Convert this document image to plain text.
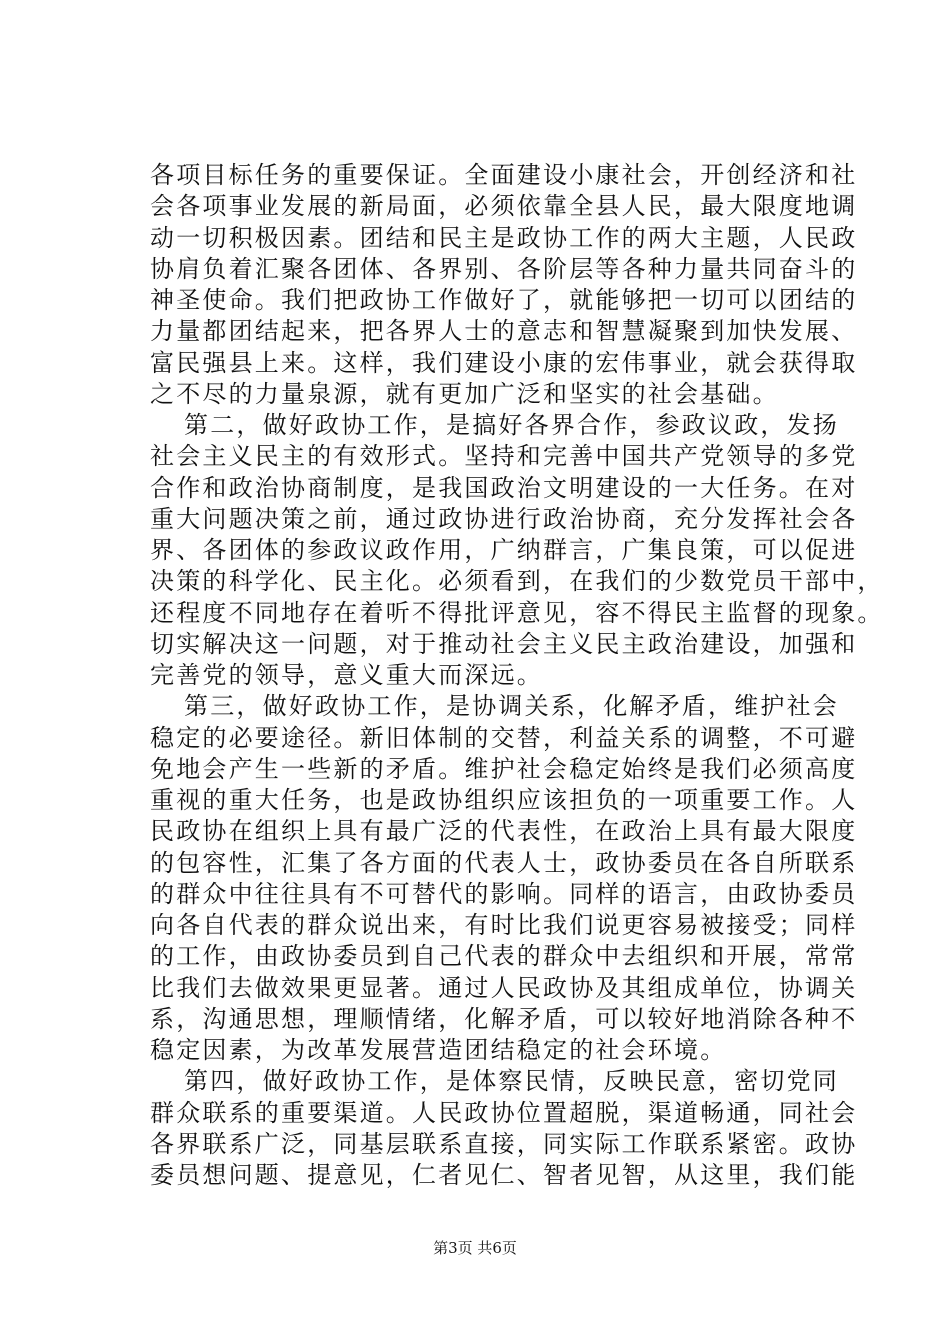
各项目标任务的重要保证。全面建设小康社会，开创经济和社
会各项事业发展的新局面，必须依靠全县人民，最大限度地调
动一切积极因素。团结和民主是政协工作的两大主题，人民政
协肩负着汇聚各团体、各界别、各阶层等各种力量共同奋斗的
神圣使命。我们把政协工作做好了，就能够把一切可以团结的
力量都团结起来，把各界人士的意志和智慧凝聚到加快发展、
富民强县上来。这样，我们建设小康的宏伟事业，就会获得取
之不尽的力量泉源，就有更加广泛和坚实的社会基础。
第二，做好政协工作，是搞好各界合作，参政议政，发扬
社会主义民主的有效形式。坚持和完善中国共产党领导的多党
合作和政治协商制度，是我国政治文明建设的一大任务。在对
重大问题决策之前，通过政协进行政治协商，充分发挥社会各
界、各团体的参政议政作用，广纳群言，广集良策，可以促进
决策的科学化、民主化。必须看到，在我们的少数党员干部中，
还程度不同地存在着听不得批评意见，容不得民主监督的现象。
切实解决这一问题，对于推动社会主义民主政治建设，加强和
完善党的领导，意义重大而深远。
第三，做好政协工作，是协调关系，化解矛盾，维护社会
稳定的必要途径。新旧体制的交替，利益关系的调整，不可避
免地会产生一些新的矛盾。维护社会稳定始终是我们必须高度
重视的重大任务，也是政协组织应该担负的一项重要工作。人
民政协在组织上具有最广泛的代表性，在政治上具有最大限度
的包容性，汇集了各方面的代表人士，政协委员在各自所联系
的群众中往往具有不可替代的影响。同样的语言，由政协委员
向各自代表的群众说出来，有时比我们说更容易被接受；同样
的工作，由政协委员到自己代表的群众中去组织和开展，常常
比我们去做效果更显著。通过人民政协及其组成单位，协调关
系，沟通思想，理顺情绪，化解矛盾，可以较好地消除各种不
稳定因素，为改革发展营造团结稳定的社会环境。
第四，做好政协工作，是体察民情，反映民意，密切党同
群众联系的重要渠道。人民政协位置超脱，渠道畅通，同社会
各界联系广泛，同基层联系直接，同实际工作联系紧密。政协
委员想问题、提意见，仁者见仁、智者见智，从这里，我们能
第3页 共6页
